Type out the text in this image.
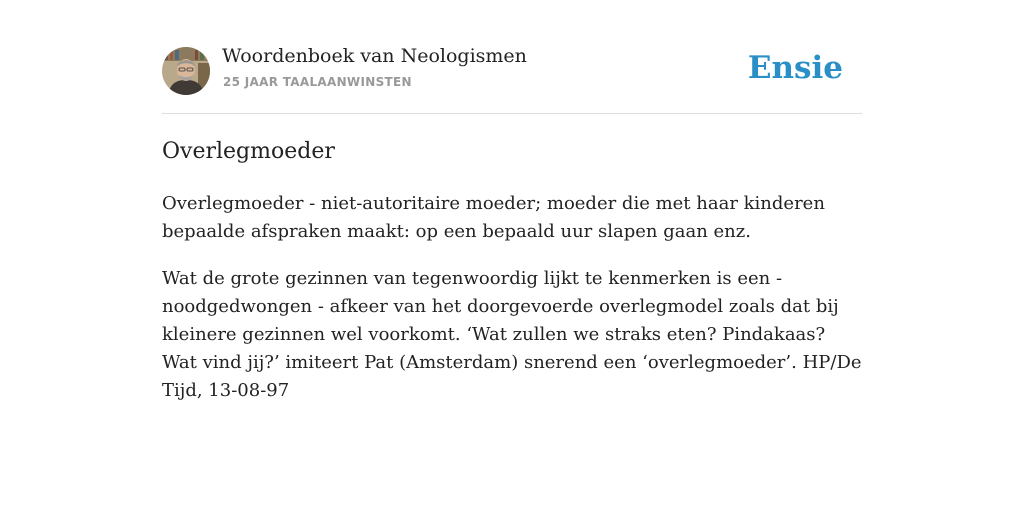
Woordenboek van Neologismen
25 JAAR TAALAANWINSTEN	Ensie
Overlegmoeder

Overlegmoeder - niet-autoritaire moeder; moeder die met haar kinderen bepaalde afspraken maakt: op een bepaald uur slapen gaan enz.

Wat de grote gezinnen van tegenwoordig lijkt te kenmerken is een - noodgedwongen - afkeer van het doorgevoerde overlegmodel zoals dat bij kleinere gezinnen wel voorkomt. ‘Wat zullen we straks eten? Pindakaas? Wat vind jij?’ imiteert Pat (Amsterdam) snerend een ‘overlegmoeder’. HP/De Tijd, 13-08-97
